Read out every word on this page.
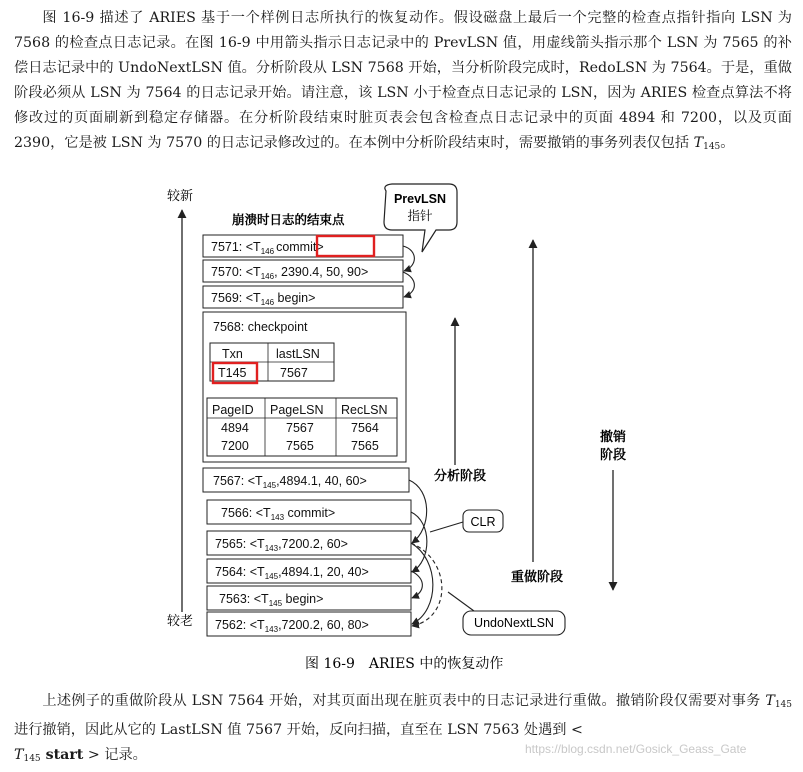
图 16-9 描述了 ARIES 基于一个样例日志所执行的恢复动作。假设磁盘上最后一个完整的检查点指针指向 LSN 为 7568 的检查点日志记录。在图 16-9 中用箭头指示日志记录中的 PrevLSN 值，用虚线箭头指示那个 LSN 为 7565 的补偿日志记录中的 UndoNextLSN 值。分析阶段从 LSN 7568 开始，当分析阶段完成时，RedoLSN 为 7564。于是，重做阶段必须从 LSN 为 7564 的日志记录开始。请注意，该 LSN 小于检查点日志记录的 LSN，因为 ARIES 检查点算法不将修改过的页面刷新到稳定存储器。在分析阶段结束时脏页表会包含检查点日志记录中的页面 4894 和 7200，以及页面 2390，它是被 LSN 为 7570 的日志记录修改过的。在本例中分析阶段结束时，需要撤销的事务列表仅包括 $T_{145}$。

较新
较老
崩溃时日志的结束点
PrevLSN
指针
7571: $<T_{146}$ commit>
7570: $<T_{146}$, 2390.4, 50, 90>
7569: $<T_{146}$ begin>
7568: checkpoint
Txn	lastLSN
T145	7567
PageID PageLSN RecLSN
4894	7567	7564
7200	7565	7565
7567: $<T_{145},4894.1$, 40, 60>
7566: $<T_{143}$ commit>
7565: $<T_{143},7200.2$, 60>
7564: $<T_{145},4894.1$, 20, 40>
7563: $<T_{145}$ begin>
7562: $<T_{143},7200.2$, 60, 80>
CLR
UndoNextLSN
分析阶段
重做阶段
撤销
阶段
图 16-9　ARIES 中的恢复动作

上述例子的重做阶段从 LSN 7564 开始，对其页面出现在脏页表中的日志记录进行重做。撤销阶段仅需要对事务 $T_{145}$ 进行撤销，因此从它的 LastLSN 值 7567 开始，反向扫描，直至在 LSN 7563 处遇到 <
$T_{145}$ start > 记录。	https://blog.csdn.net/Gosick_Geass_Gate
